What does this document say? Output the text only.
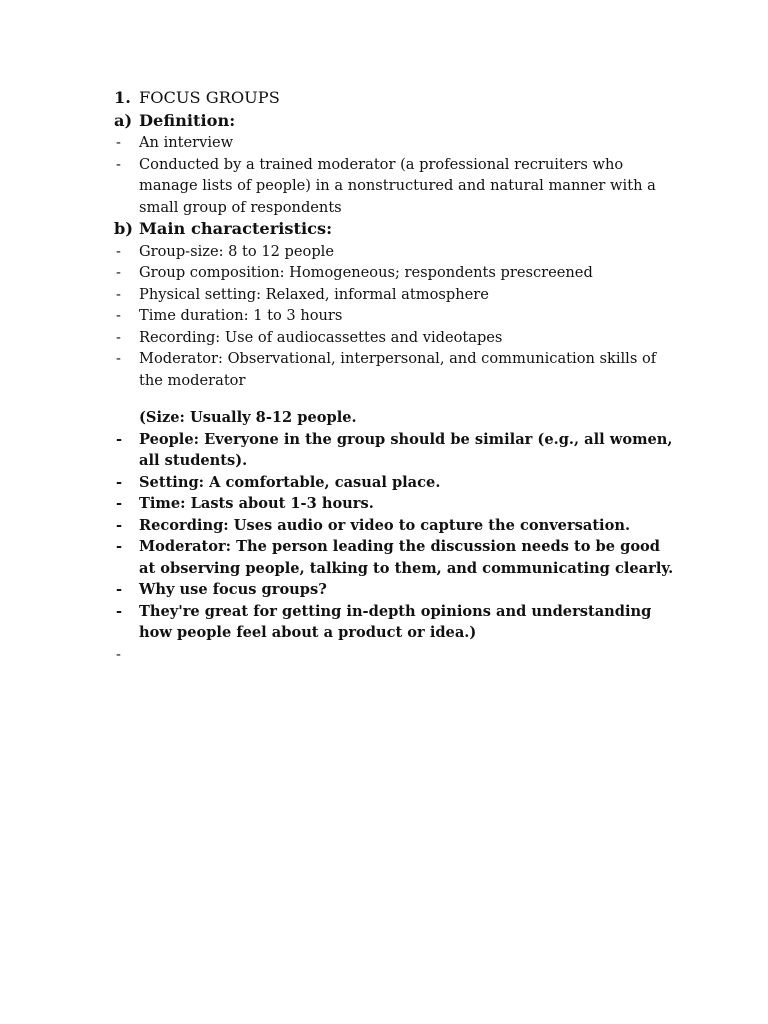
1. FOCUS GROUPS
a) Definition:
-	An interview
-	Conducted by a trained moderator (a professional recruiters who manage lists of people) in a nonstructured and natural manner with a small group of respondents
b) Main characteristics:
-	Group-size: 8 to 12 people
-	Group composition: Homogeneous; respondents prescreened
-	Physical setting: Relaxed, informal atmosphere
-	Time duration: 1 to 3 hours
-	Recording: Use of audiocassettes and videotapes
-	Moderator: Observational, interpersonal, and communication skills of the moderator
(Size: Usually 8-12 people.
-	People: Everyone in the group should be similar (e.g., all women, all students).
-	Setting: A comfortable, casual place.
-	Time: Lasts about 1-3 hours.
-	Recording: Uses audio or video to capture the conversation.
-	Moderator: The person leading the discussion needs to be good at observing people, talking to them, and communicating clearly.
-	Why use focus groups?
-	They're great for getting in-depth opinions and understanding how people feel about a product or idea.)
-
